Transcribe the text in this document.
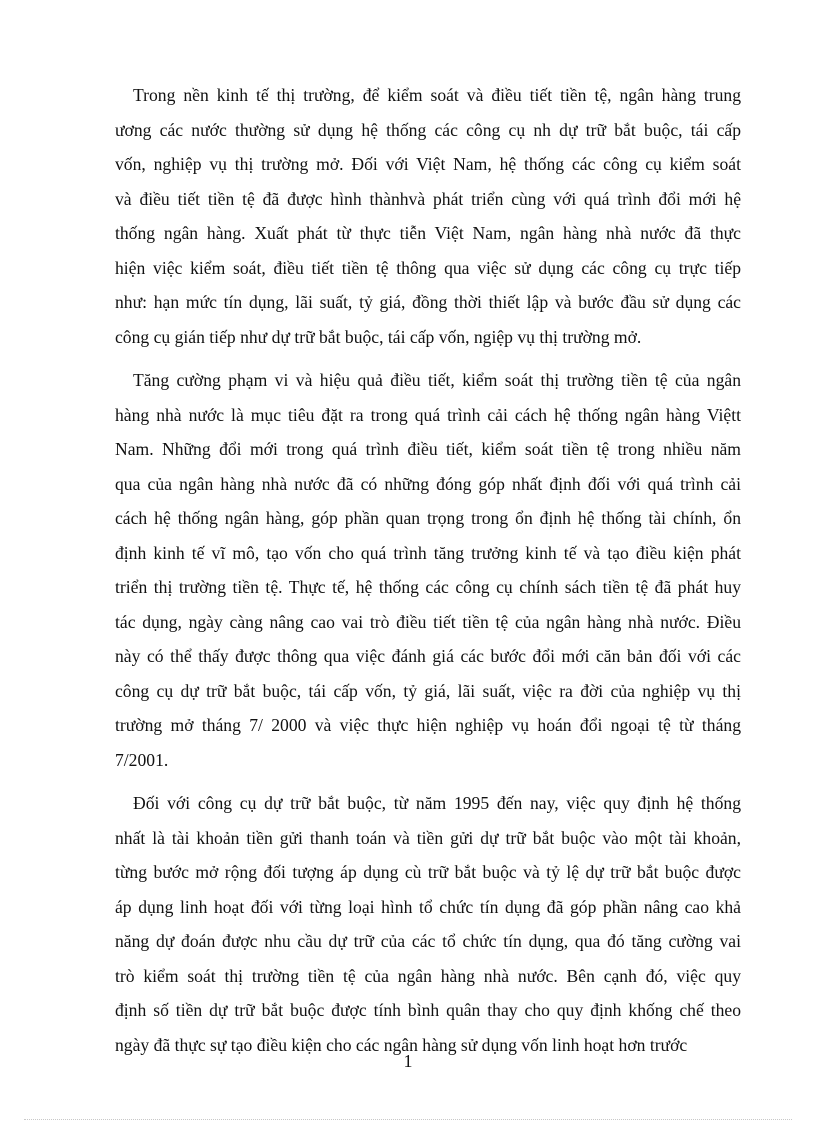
Trong nền kinh tế thị trường, để kiểm soát và điều tiết tiền tệ, ngân hàng trung
ương các nước thường sử dụng hệ thống các công cụ nh dự trữ bắt buộc, tái cấp
vốn, nghiệp vụ thị trường mở. Đối với Việt Nam, hệ thống các công cụ kiểm soát
và điều tiết tiền tệ đã được hình thànhvà phát triển cùng với quá trình đổi mới hệ
thống ngân hàng. Xuất phát từ thực tiễn Việt Nam, ngân hàng nhà nước đã thực
hiện việc kiểm soát, điều tiết tiền tệ thông qua việc sử dụng các công cụ trực tiếp
như: hạn mức tín dụng, lãi suất, tỷ giá, đồng thời thiết lập và bước đầu sử dụng các
công cụ gián tiếp như dự trữ bắt buộc, tái cấp vốn, ngiệp vụ thị trường mở.
Tăng cường phạm vi và hiệu quả điều tiết, kiểm soát thị trường tiền tệ của ngân
hàng nhà nước là mục tiêu đặt ra trong quá trình cải cách hệ thống ngân hàng Việtt
Nam. Những đổi mới trong quá trình điều tiết, kiểm soát tiền tệ trong nhiều năm
qua của ngân hàng nhà nước đã có những đóng góp nhất định đối với quá trình cải
cách hệ thống ngân hàng, góp phần quan trọng trong ổn định hệ thống tài chính, ổn
định kinh tế vĩ mô, tạo vốn cho quá trình tăng trưởng kinh tế và tạo điều kiện phát
triển thị trường tiền tệ. Thực tế, hệ thống các công cụ chính sách tiền tệ đã phát huy
tác dụng, ngày càng nâng cao vai trò điều tiết tiền tệ của ngân hàng nhà nước. Điều
này có thể thấy được thông qua việc đánh giá các bước đổi mới căn bản đối với các
công cụ dự trữ bắt buộc, tái cấp vốn, tỷ giá, lãi suất, việc ra đời của nghiệp vụ thị
trường mở tháng 7/ 2000 và việc thực hiện nghiệp vụ hoán đổi ngoại tệ từ tháng
7/2001.
Đối với công cụ dự trữ bắt buộc, từ năm 1995 đến nay, việc quy định hệ thống
nhất là tài khoản tiền gửi thanh toán và tiền gửi dự trữ bắt buộc vào một tài khoản,
từng bước mở rộng đối tượng áp dụng cù trữ bắt buộc và tỷ lệ dự trữ bắt buộc được
áp dụng linh hoạt đối với từng loại hình tổ chức tín dụng đã góp phần nâng cao khả
năng dự đoán được nhu cầu dự trữ của các tổ chức tín dụng, qua đó tăng cường vai
trò kiểm soát thị trường tiền tệ của ngân hàng nhà nước. Bên cạnh đó, việc quy
định số tiền dự trữ bắt buộc được tính bình quân thay cho quy định khống chế theo
ngày đã thực sự tạo điều kiện cho các ngân hàng sử dụng vốn linh hoạt hơn trước
1
